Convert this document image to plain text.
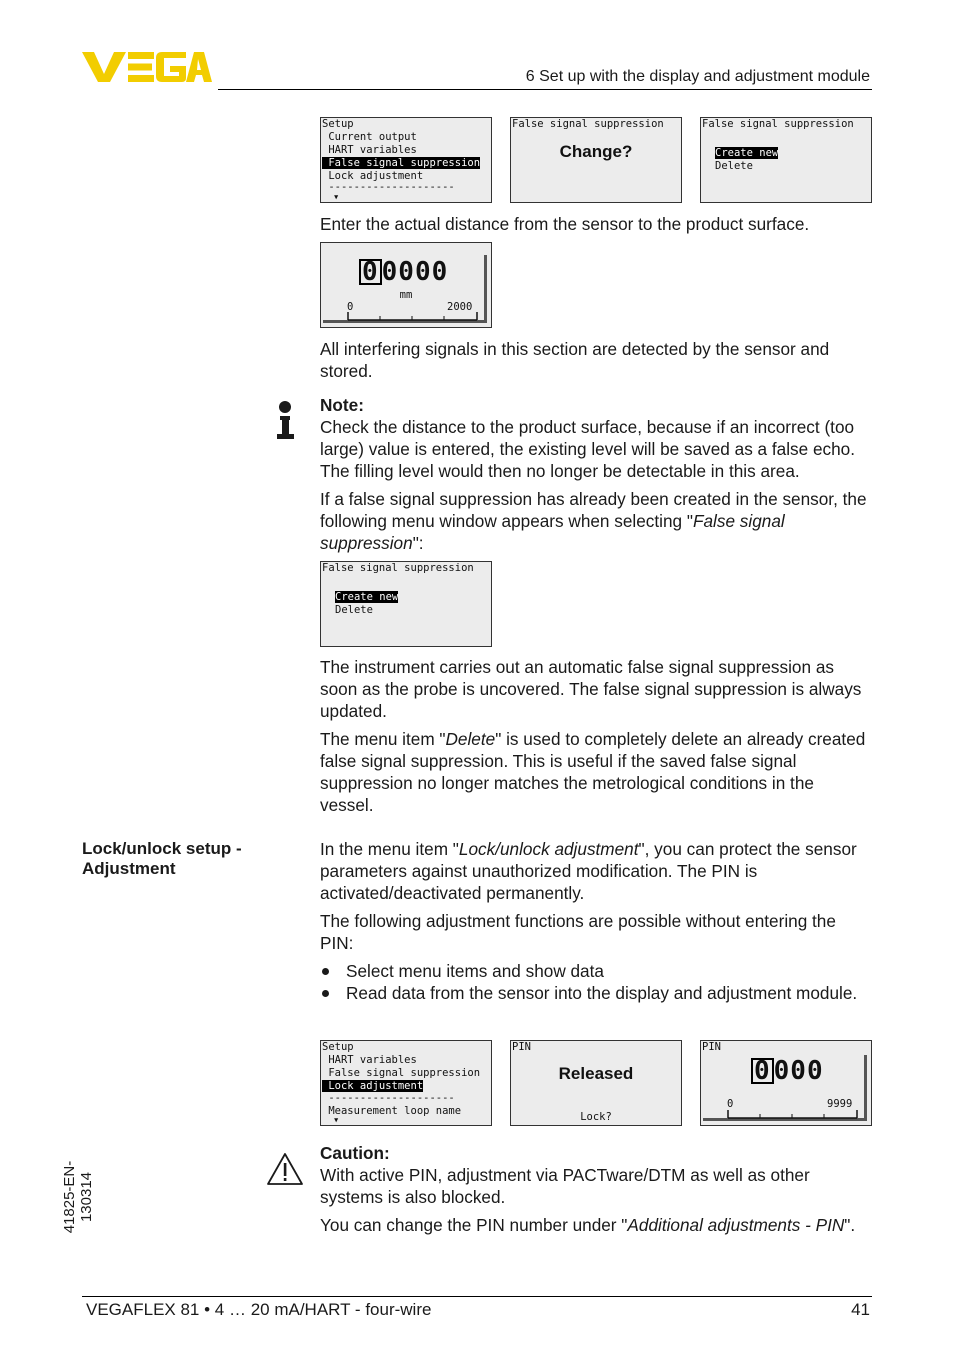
6 Set up with the display and adjustment module
Setup
Current output
HART variables
False signal suppression
Lock adjustment
--------------------
▾
False signal suppression
Change?
False signal suppression
Create new
Delete
Enter the actual distance from the sensor to the product surface.
0 0000
mm
0	2000
All interfering signals in this section are detected by the sensor and stored.
Note:
Check the distance to the product surface, because if an incorrect (too large) value is entered, the existing level will be saved as a false echo. The filling level would then no longer be detectable in this area.
If a false signal suppression has already been created in the sensor, the following menu window appears when selecting "False signal suppression":
False signal suppression
Create new
Delete
The instrument carries out an automatic false signal suppression as soon as the probe is uncovered. The false signal suppression is always updated.
The menu item "Delete" is used to completely delete an already created false signal suppression. This is useful if the saved false signal suppression no longer matches the metrological conditions in the vessel.
Lock/unlock setup - Adjustment
In the menu item "Lock/unlock adjustment", you can protect the sensor parameters against unauthorized modification. The PIN is activated/deactivated permanently.
The following adjustment functions are possible without entering the PIN:
Select menu items and show data
Read data from the sensor into the display and adjustment module.
Setup
HART variables
False signal suppression
Lock adjustment
--------------------
Measurement loop name
▾
PIN
Released
Lock?
PIN
0 000
0	9999
Caution:
With active PIN, adjustment via PACTware/DTM as well as other systems is also blocked.
You can change the PIN number under "Additional adjustments - PIN".
41825-EN-130314
VEGAFLEX 81 • 4 … 20 mA/HART - four-wire	41
